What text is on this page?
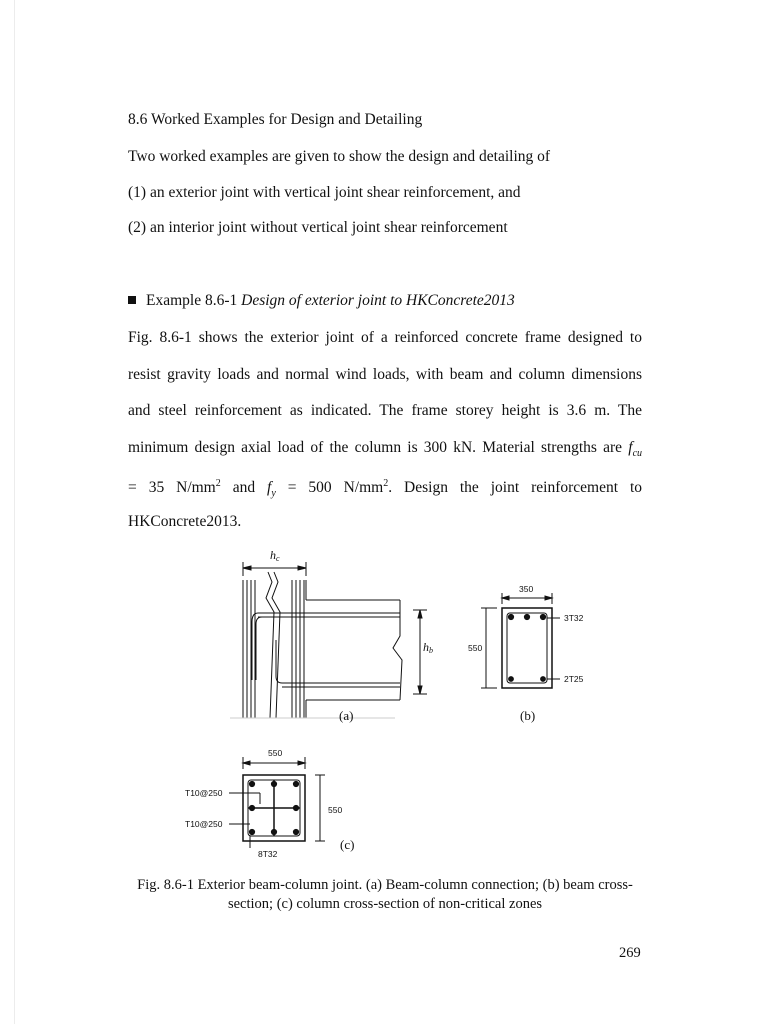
8.6 Worked Examples for Design and Detailing
Two worked examples are given to show the design and detailing of
(1) an exterior joint with vertical joint shear reinforcement, and
(2) an interior joint without vertical joint shear reinforcement
Example 8.6-1 Design of exterior joint to HKConcrete2013
Fig. 8.6-1 shows the exterior joint of a reinforced concrete frame designed to
resist gravity loads and normal wind loads, with beam and column dimensions
and steel reinforcement as indicated. The frame storey height is 3.6 m. The
minimum design axial load of the column is 300 kN. Material strengths are $f_{cu}$
= 35 $N/mm^2$ and $f_y = 500$ $N/mm^2$. Design the joint reinforcement to
HKConcrete2013.
hc
hb
(a)
350
550
3T32
2T25
(b)
550
550
T10@250
T10@250
8T32
(c)
Fig. 8.6-1 Exterior beam-column joint. (a) Beam-column connection; (b) beam cross-
section; (c) column cross-section of non-critical zones
269
